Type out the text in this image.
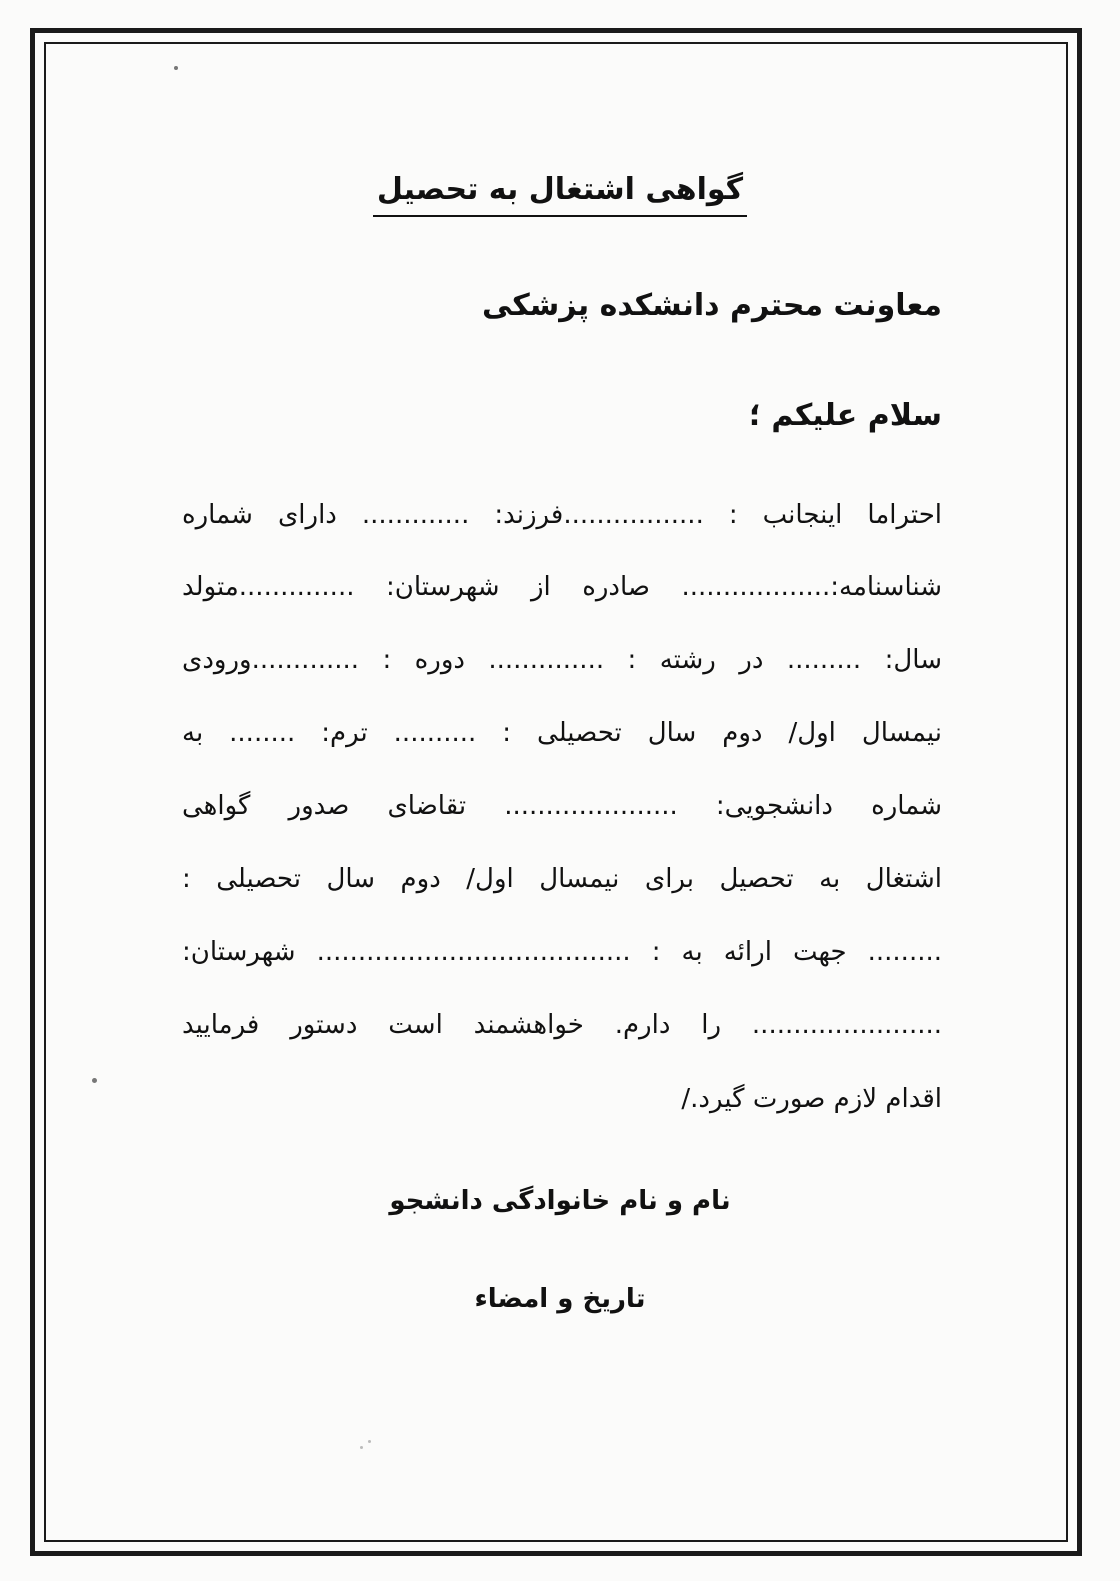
گواهی اشتغال به تحصیل
معاونت محترم دانشکده پزشکی
سلام علیکم ؛
احتراما اینجانب : .................فرزند: ............. دارای شماره
شناسنامه:.................. صادره از شهرستان: ..............متولد
سال: ......... در رشته : .............. دوره : .............ورودی
نیمسال اول/ دوم سال تحصیلی : .......... ترم: ........ به
شماره دانشجویی: ..................... تقاضای صدور گواهی
اشتغال به تحصیل برای نیمسال اول/ دوم سال تحصیلی :
......... جهت ارائه به : ...................................... شهرستان:
....................... را دارم. خواهشمند است دستور فرمایید
اقدام لازم صورت گیرد./
نام و نام خانوادگی دانشجو
تاریخ و امضاء
